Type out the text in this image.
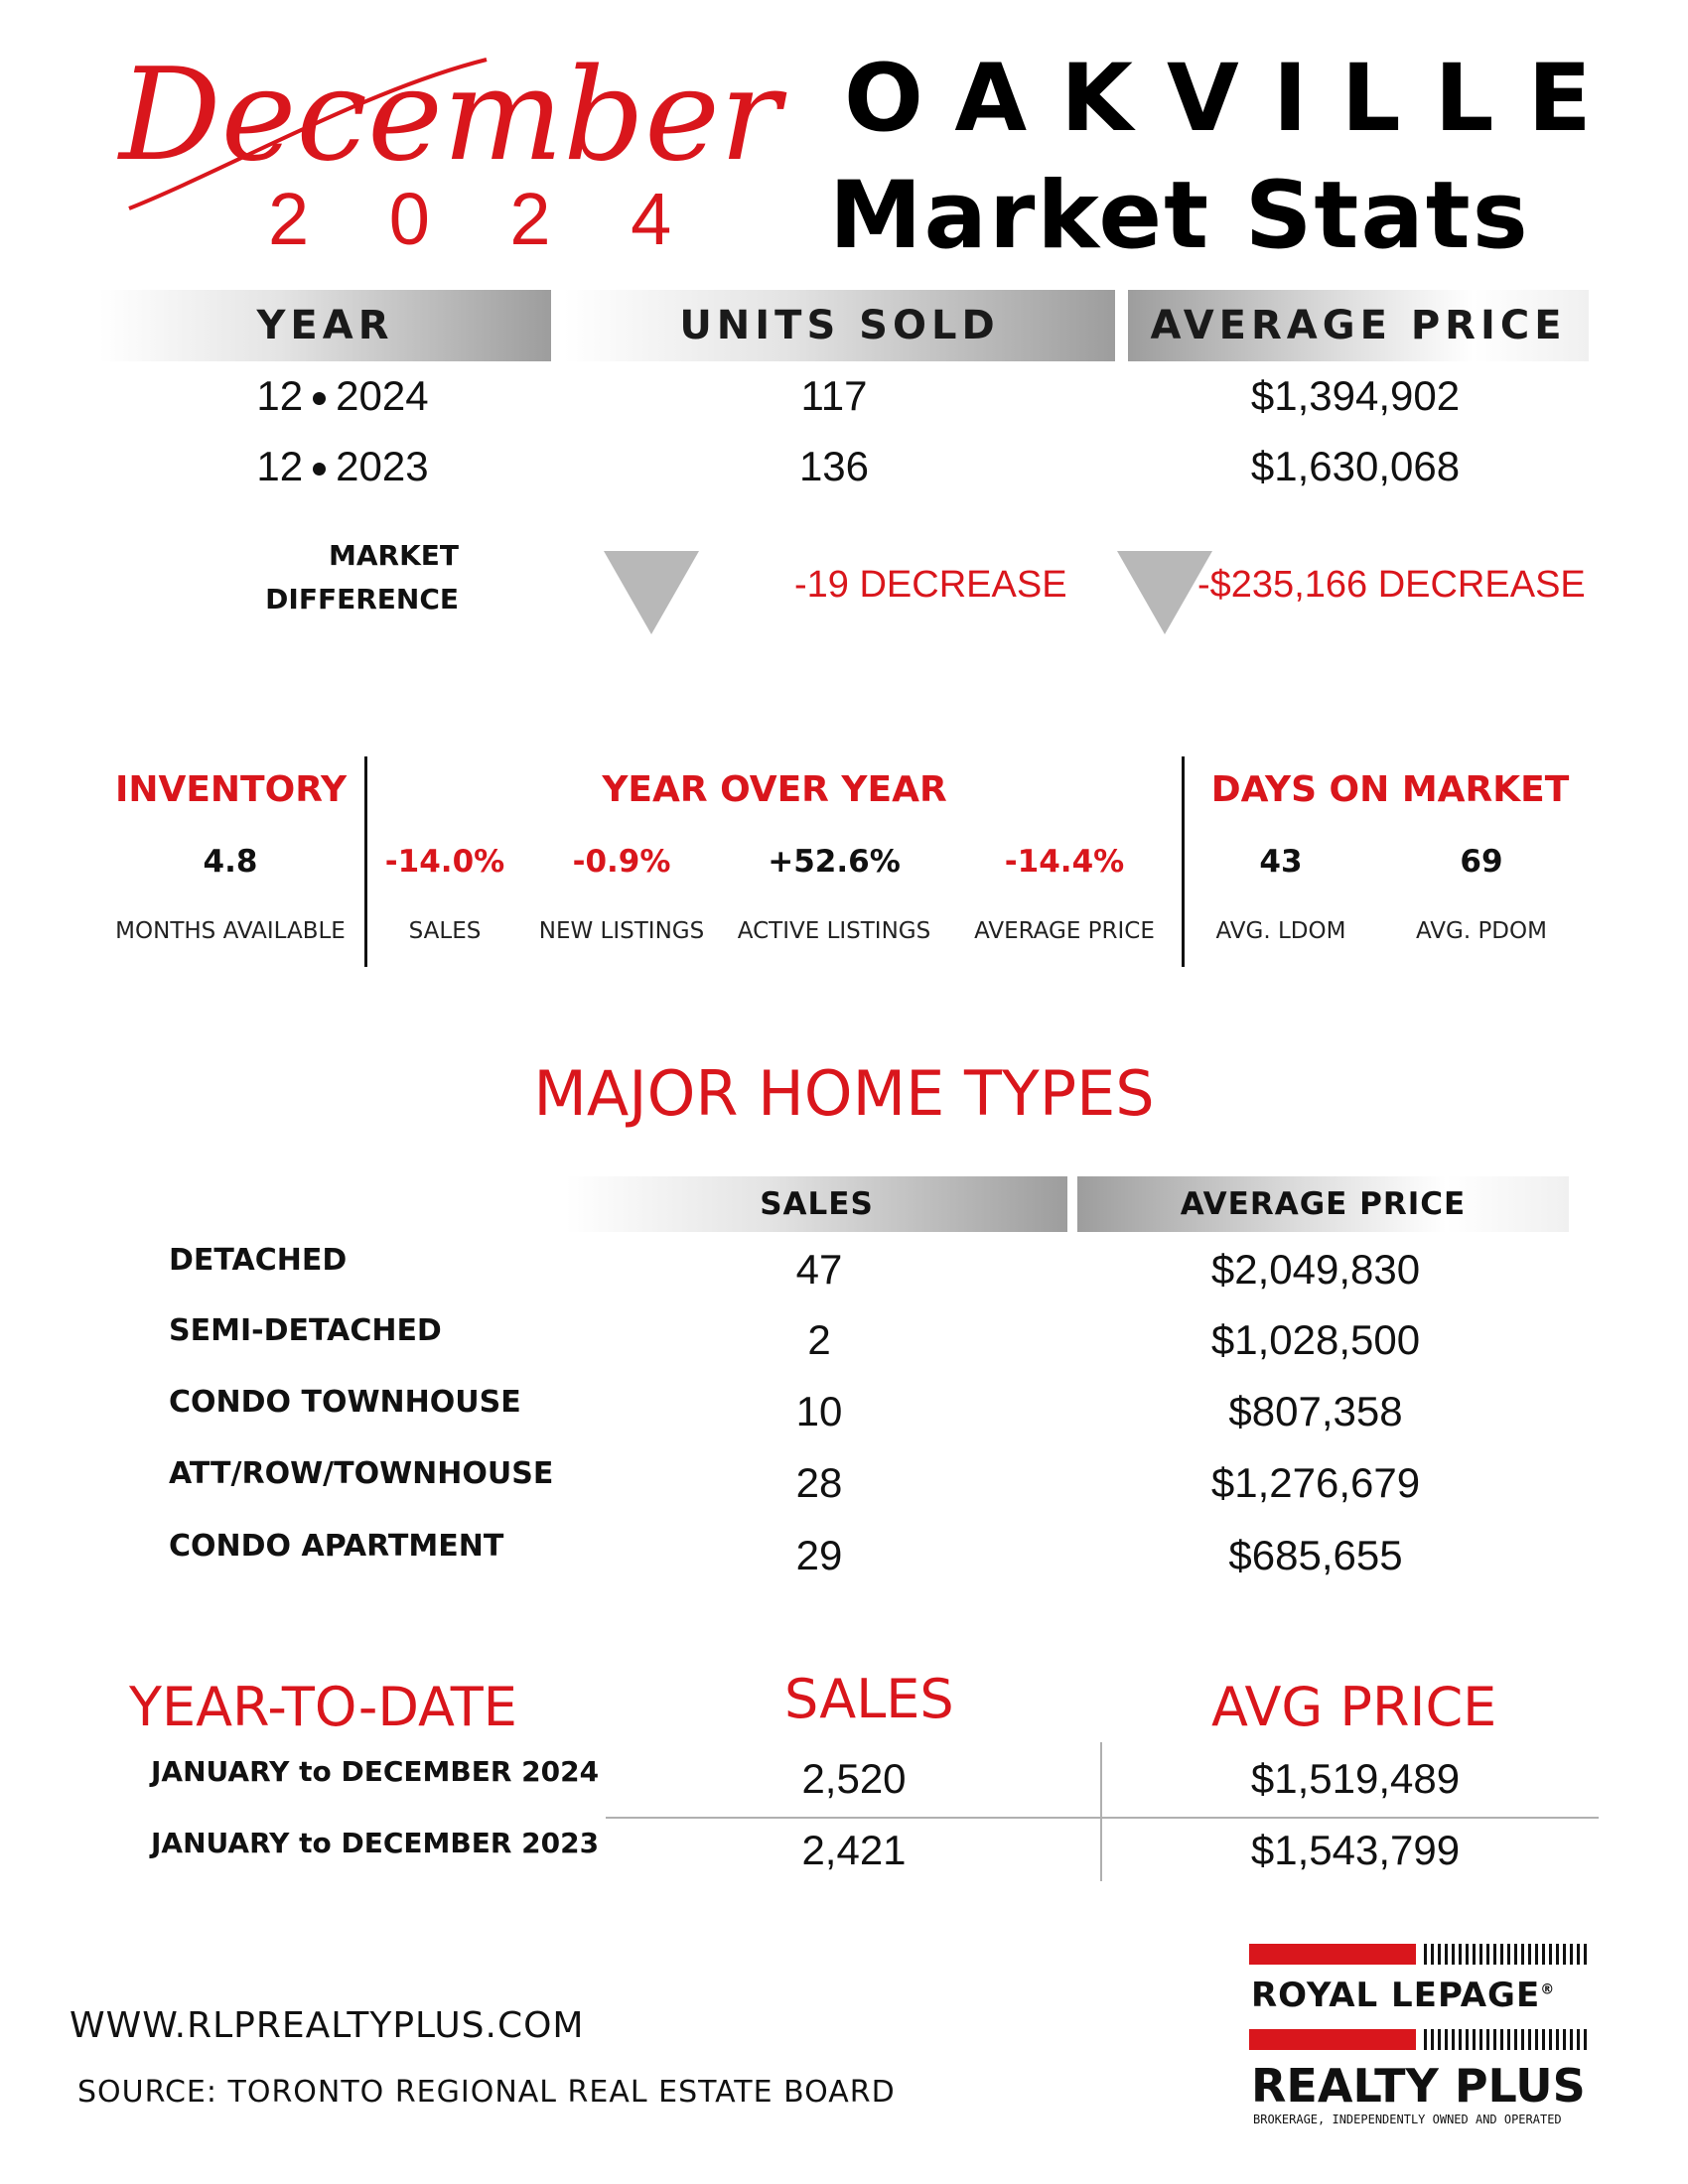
December
2 0 2 4
OAKVILLE
Market Stats
YEAR	UNITS SOLD	AVERAGE PRICE
12 2024	117	$1,394,902
12 2023	136	$1,630,068
MARKET
DIFFERENCE	-19 DECREASE	-$235,166 DECREASE
INVENTORY
4.8
MONTHS AVAILABLE
YEAR OVER YEAR
-14.0%
SALES
-0.9%
NEW LISTINGS
+52.6%
ACTIVE LISTINGS
-14.4%
AVERAGE PRICE
DAYS ON MARKET
43
AVG. LDOM
69
AVG. PDOM
MAJOR HOME TYPES
SALES	AVERAGE PRICE
DETACHED	47	$2,049,830
SEMI-DETACHED	2	$1,028,500
CONDO TOWNHOUSE	10	$807,358
ATT/ROW/TOWNHOUSE	28	$1,276,679
CONDO APARTMENT	29	$685,655
YEAR-TO-DATE	SALES	AVG PRICE
JANUARY to DECEMBER 2024	2,520	$1,519,489
JANUARY to DECEMBER 2023	2,421	$1,543,799
WWW.RLPREALTYPLUS.COM
SOURCE: TORONTO REGIONAL REAL ESTATE BOARD
ROYAL LEPAGE®
REALTY PLUS
BROKERAGE, INDEPENDENTLY OWNED AND OPERATED
